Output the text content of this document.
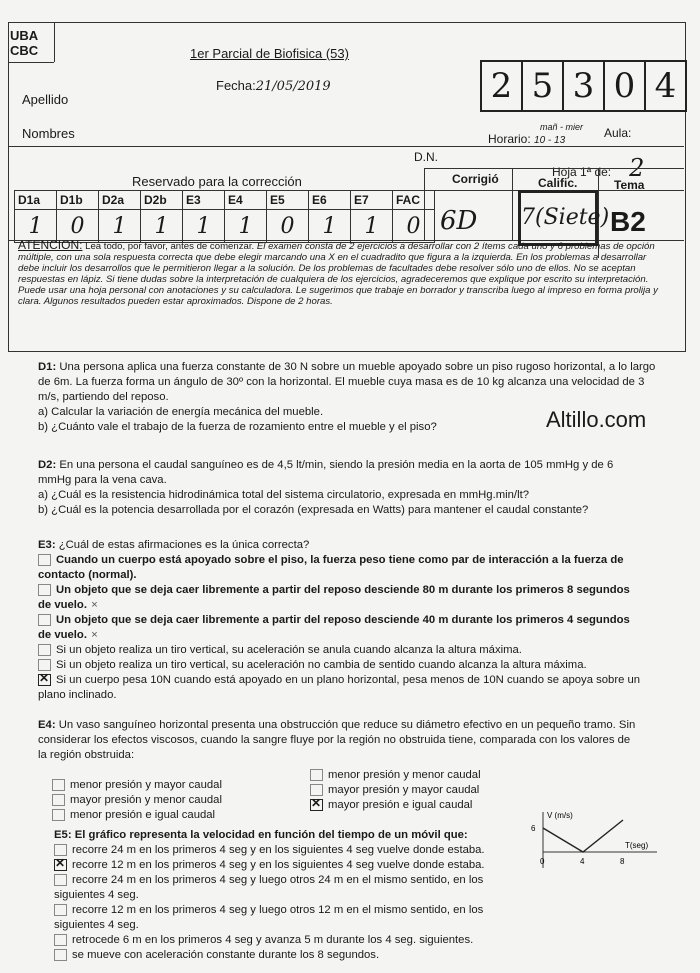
UBA
CBC	1er Parcial de Biofisica (53)
Fecha:21/05/2019	2 5 3 0 4
Apellido
Nombres	mañ - mier
Horario: 10 - 13
Aula:
D.N.
Hoja 1ª de: 2
Reservado para la corrección
D1a	D1b	D2a	D2b	E3	E4	E5	E6	E7	FAC
1	0	1	1	1	1	0	1	1	0
Corrigió	Calific.	Tema
6D 7(Siete) B2
ATENCION: Lea todo, por favor, antes de comenzar. El examen consta de 2 ejercicios a desarrollar con 2 ítems cada uno y 6 problemas de opción múltiple, con una sola respuesta correcta que debe elegir marcando una X en el cuadradito que figura a la izquierda. En los problemas a desarrollar debe incluir los desarrollos que le permitieron llegar a la solución. De los problemas de facultades debe resolver sólo uno de ellos. No se aceptan respuestas en lápiz. Si tiene dudas sobre la interpretación de cualquiera de los ejercicios, agradeceremos que explique por escrito su interpretación. Puede usar una hoja personal con anotaciones y su calculadora. Le sugerimos que trabaje en borrador y transcriba luego al impreso en forma prolija y clara. Algunos resultados pueden estar aproximados. Dispone de 2 horas.
Altillo.com
D1: Una persona aplica una fuerza constante de 30 N sobre un mueble apoyado sobre un piso rugoso horizontal, a lo largo de 6m. La fuerza forma un ángulo de 30º con la horizontal. El mueble cuya masa es de 10 kg alcanza una velocidad de 3 m/s, partiendo del reposo.
a) Calcular la variación de energía mecánica del mueble.
b) ¿Cuánto vale el trabajo de la fuerza de rozamiento entre el mueble y el piso?
D2: En una persona el caudal sanguíneo es de 4,5 lt/min, siendo la presión media en la aorta de 105 mmHg y de 6 mmHg para la vena cava.
a) ¿Cuál es la resistencia hidrodinámica total del sistema circulatorio, expresada en mmHg.min/lt?
b) ¿Cuál es la potencia desarrollada por el corazón (expresada en Watts) para mantener el caudal constante?
E3: ¿Cuál de estas afirmaciones es la única correcta?
Cuando un cuerpo está apoyado sobre el piso, la fuerza peso tiene como par de interacción a la fuerza de contacto (normal).
Un objeto que se deja caer libremente a partir del reposo desciende 80 m durante los primeros 8 segundos de vuelo. ×
Un objeto que se deja caer libremente a partir del reposo desciende 40 m durante los primeros 4 segundos de vuelo. ×
Si un objeto realiza un tiro vertical, su aceleración se anula cuando alcanza la altura máxima.
Si un objeto realiza un tiro vertical, su aceleración no cambia de sentido cuando alcanza la altura máxima.
✕Si un cuerpo pesa 10N cuando está apoyado en un plano horizontal, pesa menos de 10N cuando se apoya sobre un plano inclinado.
E4: Un vaso sanguíneo horizontal presenta una obstrucción que reduce su diámetro efectivo en un pequeño tramo. Sin considerar los efectos viscosos, cuando la sangre fluye por la región no obstruida tiene, comparada con los valores de la región obstruida:
menor presión y mayor caudal
mayor presión y menor caudal
menor presión e igual caudal
menor presión y menor caudal
mayor presión y mayor caudal
✕mayor presión e igual caudal
E5: El gráfico representa la velocidad en función del tiempo de un móvil que:
recorre 24 m en los primeros 4 seg y en los siguientes 4 seg vuelve donde estaba.
✕recorre 12 m en los primeros 4 seg y en los siguientes 4 seg vuelve donde estaba.
recorre 24 m en los primeros 4 seg y luego otros 24 m en el mismo sentido, en los siguientes 4 seg.
recorre 12 m en los primeros 4 seg y luego otros 12 m en el mismo sentido, en los siguientes 4 seg.
retrocede 6 m en los primeros 4 seg y avanza 5 m durante los 4 seg. siguientes.
se mueve con aceleración constante durante los 8 segundos.
V (m/s)
T(seg)
6
0	4	8
